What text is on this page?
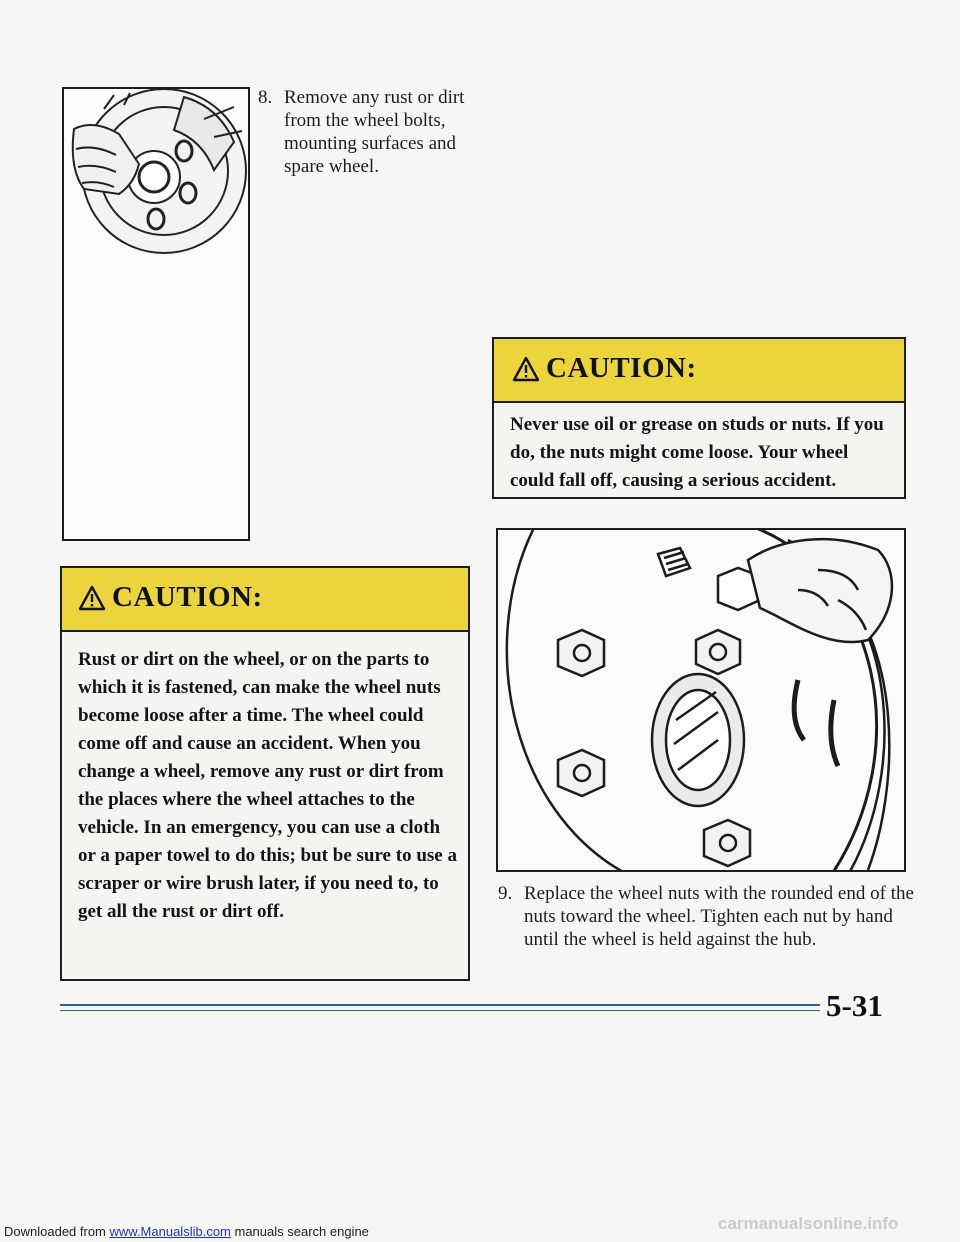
8. Remove any rust or dirt from the wheel bolts, mounting surfaces and spare wheel.
CAUTION:
Never use oil or grease on studs or nuts. If you do, the nuts might come loose. Your wheel could fall off, causing a serious accident.
CAUTION:
Rust or dirt on the wheel, or on the parts to which it is fastened, can make the wheel nuts become loose after a time. The wheel could come off and cause an accident. When you change a wheel, remove any rust or dirt from the places where the wheel attaches to the vehicle. In an emergency, you can use a cloth or a paper towel to do this; but be sure to use a scraper or wire brush later, if you need to, to get all the rust or dirt off.
9. Replace the wheel nuts with the rounded end of the nuts toward the wheel. Tighten each nut by hand until the wheel is held against the hub.
5-31
Downloaded from www.Manualslib.com manuals search engine	carmanualsonline.info
